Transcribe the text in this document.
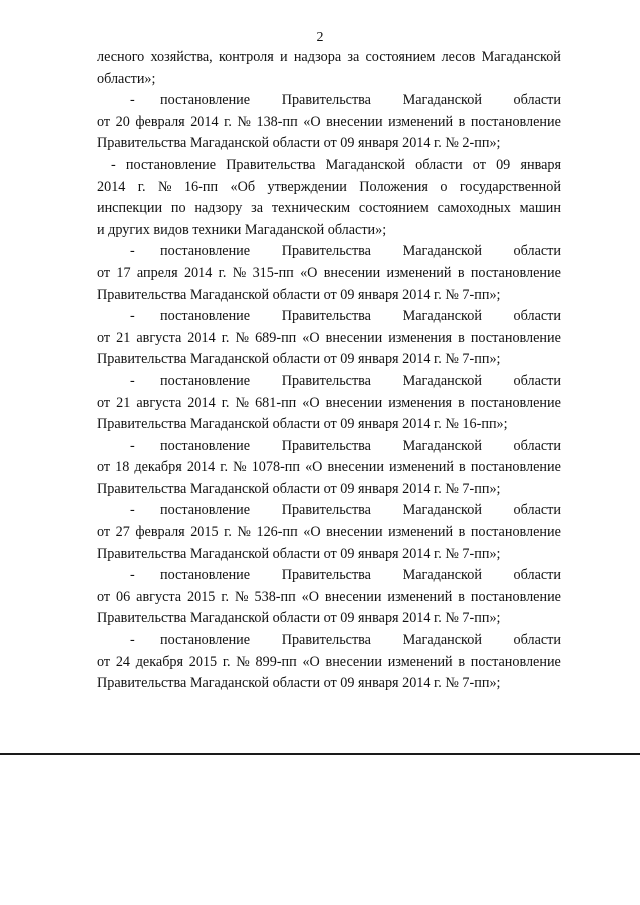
2
лесного хозяйства, контроля и надзора за состоянием лесов Магаданской
области»;
-	постановление Правительства Магаданской области
от 20 февраля 2014 г. № 138-пп «О внесении изменений в постановление
Правительства Магаданской области от 09 января 2014 г. № 2-пп»;
- постановление Правительства Магаданской области от 09 января
2014 г. № 16-пп «Об утверждении Положения о государственной
инспекции по надзору за техническим состоянием самоходных машин
и других видов техники Магаданской области»;
-	постановление Правительства Магаданской области
от 17 апреля 2014 г. № 315-пп «О внесении изменений в постановление
Правительства Магаданской области от 09 января 2014 г. № 7-пп»;
-	постановление Правительства Магаданской области
от 21 августа 2014 г. № 689-пп «О внесении изменения в постановление
Правительства Магаданской области от 09 января 2014 г. № 7-пп»;
-	постановление Правительства Магаданской области
от 21 августа 2014 г. № 681-пп «О внесении изменения в постановление
Правительства Магаданской области от 09 января 2014 г. № 16-пп»;
-	постановление Правительства Магаданской области
от 18 декабря 2014 г. № 1078-пп «О внесении изменений в постановление
Правительства Магаданской области от 09 января 2014 г. № 7-пп»;
-	постановление Правительства Магаданской области
от 27 февраля 2015 г. № 126-пп «О внесении изменений в постановление
Правительства Магаданской области от 09 января 2014 г. № 7-пп»;
-	постановление Правительства Магаданской области
от 06 августа 2015 г. № 538-пп «О внесении изменений в постановление
Правительства Магаданской области от 09 января 2014 г. № 7-пп»;
-	постановление Правительства Магаданской области
от 24 декабря 2015 г. № 899-пп «О внесении изменений в постановление
Правительства Магаданской области от 09 января 2014 г. № 7-пп»;
